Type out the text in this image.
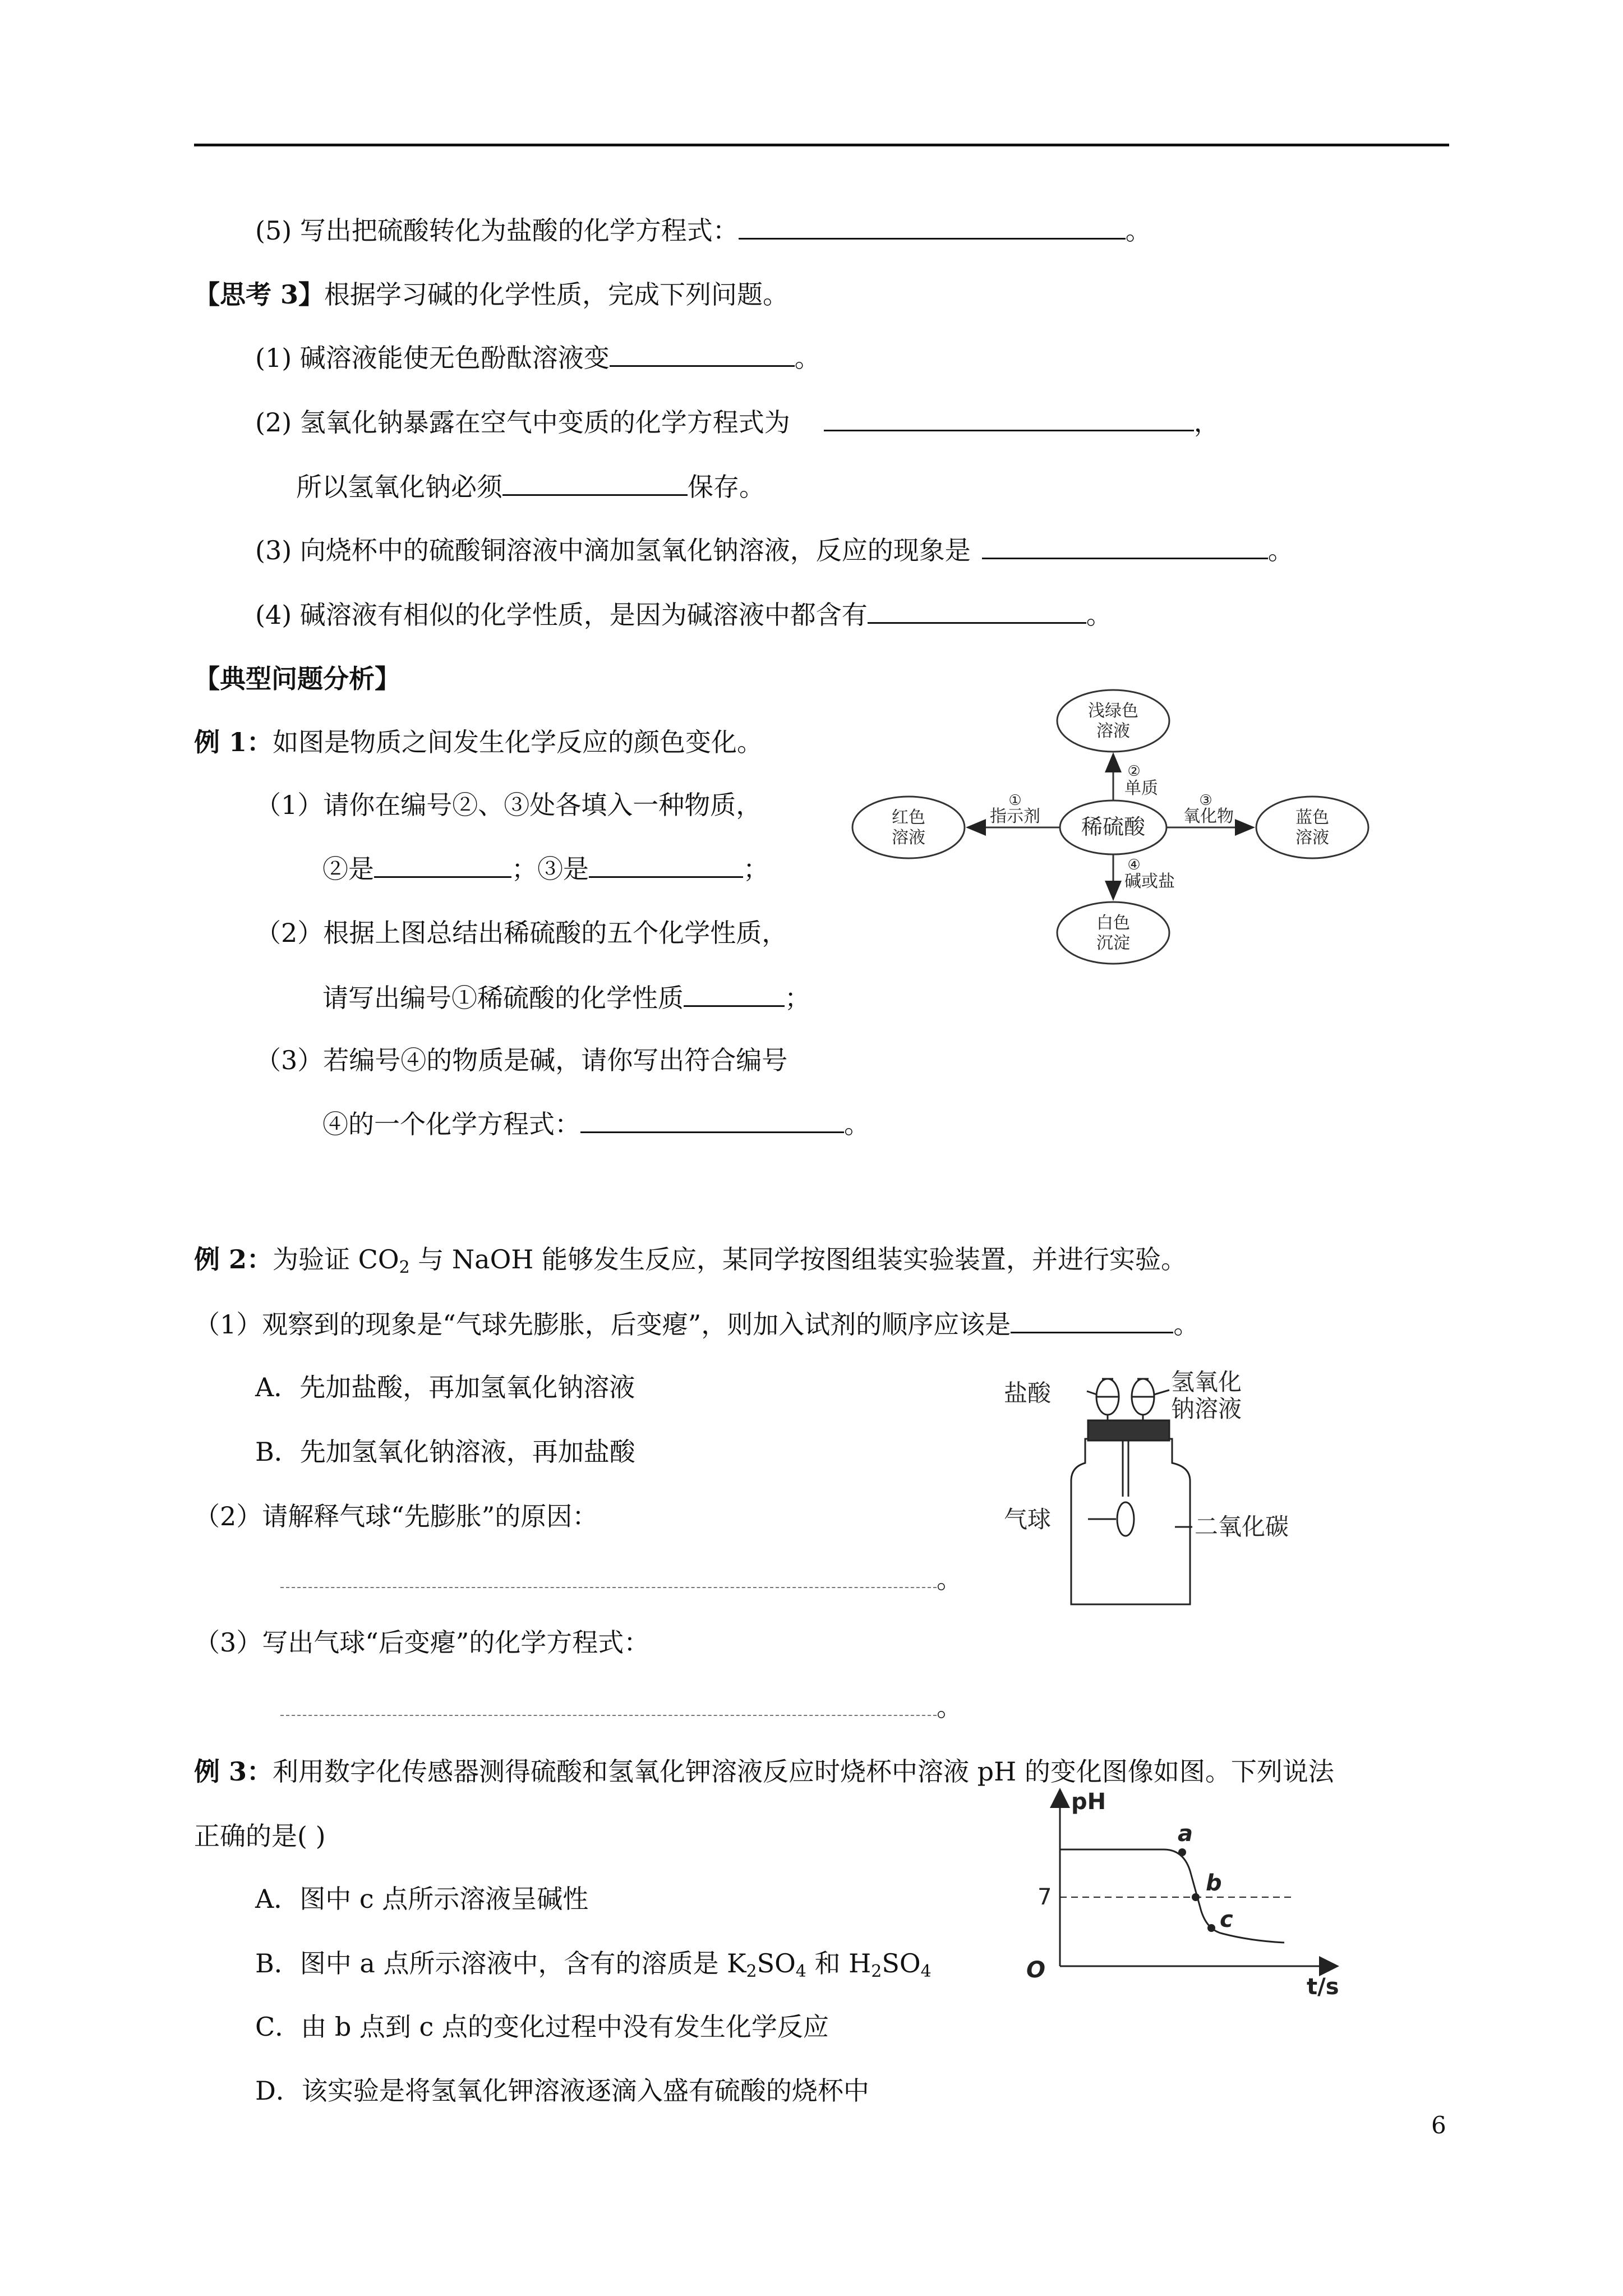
(5) 写出把硫酸转化为盐酸的化学方程式：	。
【思考 3】根据学习碱的化学性质，完成下列问题。
(1) 碱溶液能使无色酚酞溶液变	。
(2) 氢氧化钠暴露在空气中变质的化学方程式为	，
所以氢氧化钠必须	保存。
(3) 向烧杯中的硫酸铜溶液中滴加氢氧化钠溶液，反应的现象是	。
(4) 碱溶液有相似的化学性质，是因为碱溶液中都含有	。
【典型问题分析】
例 1：如图是物质之间发生化学反应的颜色变化。
（1）请你在编号②、③处各填入一种物质，
②是	；③是	；
（2）根据上图总结出稀硫酸的五个化学性质，
请写出编号①稀硫酸的化学性质	；
（3）若编号④的物质是碱，请你写出符合编号
④的一个化学方程式：	。
浅绿色
溶液
红色
溶液	稀硫酸	蓝色
溶液
白色
沉淀
②
单质
①
指示剂
③
氧化物
④
碱或盐
例 2：为验证 $CO_2$ 与 NaOH 能够发生反应，某同学按图组装实验装置，并进行实验。
（1）观察到的现象是“气球先膨胀，后变瘪”，则加入试剂的顺序应该是	。
A．先加盐酸，再加氢氧化钠溶液
B．先加氢氧化钠溶液，再加盐酸
（2）请解释气球“先膨胀”的原因：
。
（3）写出气球“后变瘪”的化学方程式：
。
盐酸	氢氧化
钠溶液
气球	二氧化碳
例 3：利用数字化传感器测得硫酸和氢氧化钾溶液反应时烧杯中溶液 pH 的变化图像如图。下列说法
正确的是( )
A．图中 c 点所示溶液呈碱性
B．图中 a 点所示溶液中，含有的溶质是 $K_2SO_4$ 和 $H_2SO_4$
C．由 b 点到 c 点的变化过程中没有发生化学反应
D．该实验是将氢氧化钾溶液逐滴入盛有硫酸的烧杯中
pH
t/s
O
7
a
b
c
6
